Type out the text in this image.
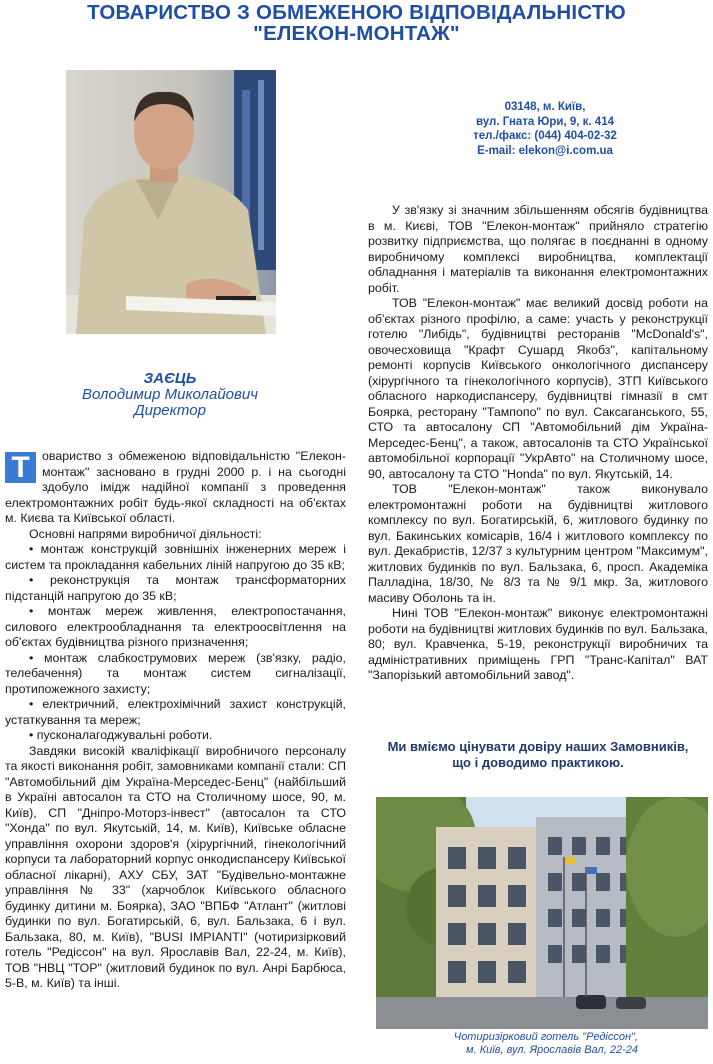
ТОВАРИСТВО З ОБМЕЖЕНОЮ ВІДПОВІДАЛЬНІСТЮ
"ЕЛЕКОН-МОНТАЖ"
ЗАЄЦЬ
Володимир Миколайович
Директор
03148, м. Київ,
вул. Гната Юри, 9, к. 414
тел./факс: (044) 404-02-32
E-mail: elekon@i.com.ua

Т овариство з обмеженою відповідальністю "Елекон-монтаж" засновано в грудні 2000 р. і на сьогодні здобуло імідж надійної компанії з проведення електромонтажних робіт будь-якої складності на об'єктах м. Києва та Київської області.

Основні напрями виробничої діяльності:

• монтаж конструкцій зовнішніх інженерних мереж і систем та прокладання кабельних ліній напругою до 35 кВ;

• реконструкція та монтаж трансформаторних підстанцій напругою до 35 кВ;

• монтаж мереж живлення, електропостачання, силового електрообладнання та електроосвітлення на об'єктах будівництва різного призначення;

• монтаж слабкострумових мереж (зв'язку, радіо, телебачення) та монтаж систем сигналізації, протипожежного захисту;

• електричний, електрохімічний захист конструкцій, устаткування та мереж;

• пусконалагоджувальні роботи.

Завдяки високій кваліфікації виробничого персоналу та якості виконання робіт, замовниками компанії стали: СП "Автомобільний дім Україна-Мерседес-Бенц" (найбільший в Україні автосалон та СТО на Столичному шосе, 90, м. Київ), СП "Дніпро-Моторз-інвест" (автосалон та СТО "Хонда" по вул. Якутській, 14, м. Київ), Київське обласне управління охорони здоров'я (хірургічний, гінекологічний корпуси та лабораторний корпус онкодиспансеру Київської обласної лікарні), АХУ СБУ, ЗАТ "Будівельно-монтажне управління № 33" (харчоблок Київського обласного будинку дитини м. Боярка), ЗАО "ВПБФ "Атлант" (житлові будинки по вул. Богатирській, 6, вул. Бальзака, 6 і вул. Бальзака, 80, м. Київ), "BUSI IMPIANTI" (чотиризірковий готель "Редіссон" на вул. Ярославів Вал, 22-24, м. Київ), ТОВ "НВЦ "ТОР" (житловий будинок по вул. Анрі Барбюса, 5-В, м. Київ) та інші.

У зв'язку зі значним збільшенням обсягів будівництва в м. Києві, ТОВ "Елекон-монтаж" прийняло стратегію розвитку підприємства, що полягає в поєднанні в одному виробничому комплексі виробництва, комплектації обладнання і матеріалів та виконання електромонтажних робіт.

ТОВ "Елекон-монтаж" має великий досвід роботи на об'єктах різного профілю, а саме: участь у реконструкції готелю "Либідь", будівництві ресторанів "McDonald's", овочесховища "Крафт Сушард Якобз", капітальному ремонті корпусів Київського онкологічного диспансеру (хірургічного та гінекологічного корпусів), ЗТП Київського обласного наркодиспансеру, будівництві гімназії в смт Боярка, ресторану "Тампопо" по вул. Саксаганського, 55, СТО та автосалону СП "Автомобільний дім Україна-Мерседес-Бенц", а також, автосалонів та СТО Української автомобільної корпорації "УкрАвто" на Столичному шосе, 90, автосалону та СТО "Honda" по вул. Якутській, 14.

ТОВ "Елекон-монтаж" також виконувало електромонтажні роботи на будівництві житлового комплексу по вул. Богатирській, 6, житлового будинку по вул. Бакинських комісарів, 16/4 і житлового комплексу по вул. Декабристів, 12/37 з культурним центром "Максимум", житлових будинків по вул. Бальзака, 6, просп. Академіка Палладіна, 18/30, № 8/3 та № 9/1 мкр. 3а, житлового масиву Оболонь та ін.

Нині ТОВ "Елекон-монтаж" виконує електромонтажні роботи на будівництві житлових будинків по вул. Бальзака, 80; вул. Кравченка, 5-19, реконструкції виробничих та адміністративних приміщень ГРП "Транс-Капітал" ВАТ "Запорізький автомобільний завод".

Ми вміємо цінувати довіру наших Замовників,
що і доводимо практикою.
Чотиризірковий готель "Редіссон",
м. Київ, вул. Ярославів Вал, 22-24
